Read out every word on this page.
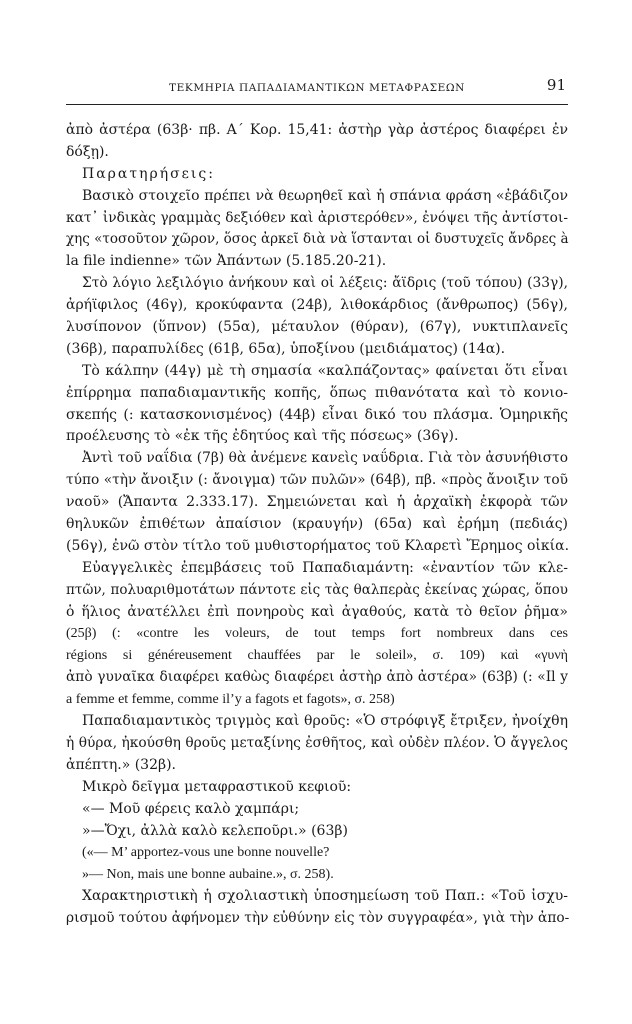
ΤΕΚΜΗΡΙΑ ΠΑΠΑΔΙΑΜΑΝΤΙΚΩΝ ΜΕΤΑΦΡΑΣΕΩΝ	91
ἀπὸ ἀστέρα (63β· πβ. Α΄ Κορ. 15,41: ἀστὴρ γὰρ ἀστέρος διαφέρει ἐν
δόξῃ).
Παρατηρήσεις:
Βασικὸ στοιχεῖο πρέπει νὰ θεωρηθεῖ καὶ ἡ σπάνια φράση «ἐβάδιζον
κατ᾿ ἰνδικὰς γραμμὰς δεξιόθεν καὶ ἀριστερόθεν», ἐνόψει τῆς ἀντίστοι-
χης «τοσοῦτον χῶρον, ὅσος ἀρκεῖ διὰ νὰ ἵστανται οἱ δυστυχεῖς ἄνδρες à
la file indienne» τῶν Ἀπάντων (5.185.20-21).
Στὸ λόγιο λεξιλόγιο ἀνήκουν καὶ οἱ λέξεις: ἄϊδρις (τοῦ τόπου) (33γ),
ἀρήϊφιλος (46γ), κροκύφαντα (24β), λιθοκάρδιος (ἄνθρωπος) (56γ),
λυσίπονον (ὕπνον) (55α), μέταυλον (θύραν), (67γ), νυκτιπλανεῖς
(36β), παραπυλίδες (61β, 65α), ὑποξίνου (μειδιάματος) (14α).
Τὸ κάλπην (44γ) μὲ τὴ σημασία «καλπάζοντας» φαίνεται ὅτι εἶναι
ἐπίρρημα παπαδιαμαντικῆς κοπῆς, ὅπως πιθανότατα καὶ τὸ κονιο-
σκεπής (: κατασκονισμένος) (44β) εἶναι δικό του πλάσμα. Ὁμηρικῆς
προέλευσης τὸ «ἐκ τῆς ἐδητύος καὶ τῆς πόσεως» (36γ).
Ἀντὶ τοῦ ναΐδια (7β) θὰ ἀνέμενε κανεὶς ναΰδρια. Γιὰ τὸν ἀσυνήθιστο
τύπο «τὴν ἄνοιξιν (: ἄνοιγμα) τῶν πυλῶν» (64β), πβ. «πρὸς ἄνοιξιν τοῦ
ναοῦ» (Ἄπαντα 2.333.17). Σημειώνεται καὶ ἡ ἀρχαϊκὴ ἐκφορὰ τῶν
θηλυκῶν ἐπιθέτων ἀπαίσιον (κραυγήν) (65α) καὶ ἐρήμη (πεδιάς)
(56γ), ἐνῶ στὸν τίτλο τοῦ μυθιστορήματος τοῦ Κλαρετὶ Ἔρημος οἰκία.
Εὐαγγελικὲς ἐπεμβάσεις τοῦ Παπαδιαμάντη: «ἐναντίον τῶν κλε-
πτῶν, πολυαριθμοτάτων πάντοτε εἰς τὰς θαλπερὰς ἐκείνας χώρας, ὅπου
ὁ ἥλιος ἀνατέλλει ἐπὶ πονηροὺς καὶ ἀγαθούς, κατὰ τὸ θεῖον ῥῆμα»
(25β) (: «contre les voleurs, de tout temps fort nombreux dans ces
régions si généreusement chauffées par le soleil», σ. 109) καὶ «γυνὴ
ἀπὸ γυναῖκα διαφέρει καθὼς διαφέρει ἀστὴρ ἀπὸ ἀστέρα» (63β) (: «Il y
a femme et femme, comme il’y a fagots et fagots», σ. 258)
Παπαδιαμαντικὸς τριγμὸς καὶ θροῦς: «Ὁ στρόφιγξ ἔτριξεν, ἠνοίχθη
ἡ θύρα, ἠκούσθη θροῦς μεταξίνης ἐσθῆτος, καὶ οὐδὲν πλέον. Ὁ ἄγγελος
ἀπέπτη.» (32β).
Μικρὸ δεῖγμα μεταφραστικοῦ κεφιοῦ:
«— Μοῦ φέρεις καλὸ χαμπάρι;
»—Ὄχι, ἀλλὰ καλὸ κελεποῦρι.» (63β)
(«— M’ apportez-vous une bonne nouvelle?
»— Non, mais une bonne aubaine.», σ. 258).
Χαρακτηριστικὴ ἡ σχολιαστικὴ ὑποσημείωση τοῦ Παπ.: «Τοῦ ἰσχυ-
ρισμοῦ τούτου ἀφήνομεν τὴν εὐθύνην εἰς τὸν συγγραφέα», γιὰ τὴν ἀπο-
